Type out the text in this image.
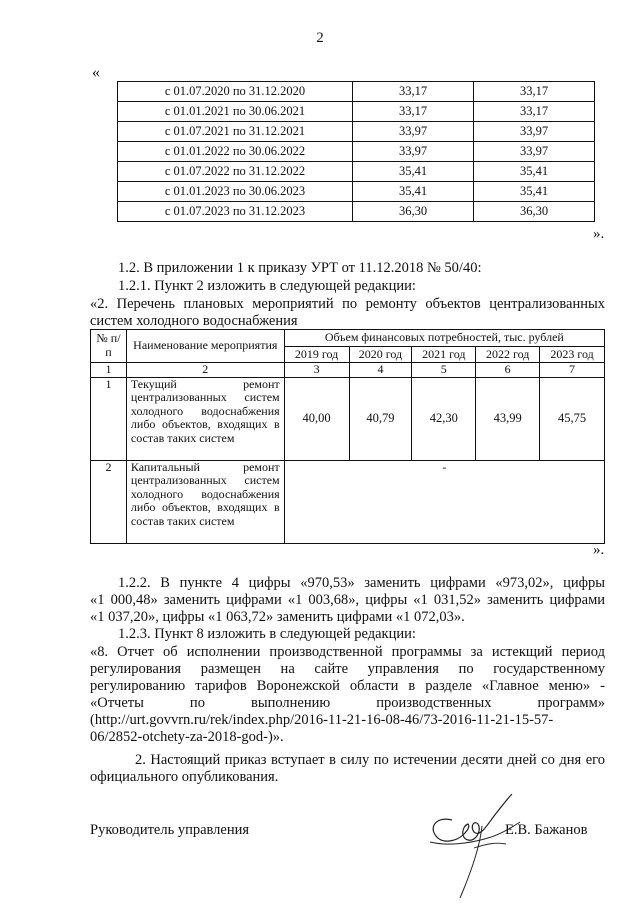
2
«
с 01.07.2020 по 31.12.2020	33,17	33,17
с 01.01.2021 по 30.06.2021	33,17	33,17
с 01.07.2021 по 31.12.2021	33,97	33,97
с 01.01.2022 по 30.06.2022	33,97	33,97
с 01.07.2022 по 31.12.2022	35,41	35,41
с 01.01.2023 по 30.06.2023	35,41	35,41
с 01.07.2023 по 31.12.2023	36,30	36,30
».
1.2. В приложении 1 к приказу УРТ от 11.12.2018 № 50/40:
1.2.1. Пункт 2 изложить в следующей редакции:
«2. Перечень плановых мероприятий по ремонту объектов централизованных
систем холодного водоснабжения
№ п/п	Наименование мероприятия	Объем финансовых потребностей, тыс. рублей				
		2019 год	2020 год	2021 год	2022 год	2023 год
1	2	3	4	5	6	7
1	Текущий ремонт централизованных систем холодного водоснабжения либо объектов, входящих в состав таких систем	40,00	40,79	42,30	43,99	45,75
2	Капитальный ремонт централизованных систем холодного водоснабжения либо объектов, входящих в состав таких систем	-				
».
1.2.2. В пункте 4 цифры «970,53» заменить цифрами «973,02», цифры
«1 000,48» заменить цифрами «1 003,68», цифры «1 031,52» заменить цифрами
«1 037,20», цифры «1 063,72» заменить цифрами «1 072,03».
1.2.3. Пункт 8 изложить в следующей редакции:
«8. Отчет об исполнении производственной программы за истекщий период
регулирования размещен на сайте управления по государственному
регулированию тарифов Воронежской области в разделе «Главное меню» -
«Отчеты по выполнению производственных программ»
(http://urt.govvrn.ru/rek/index.php/2016-11-21-16-08-46/73-2016-11-21-15-57-
06/2852-otchety-za-2018-god-)».
2. Настоящий приказ вступает в силу по истечении десяти дней со дня его
официального опубликования.
Руководитель управления	Е.В. Бажанов
